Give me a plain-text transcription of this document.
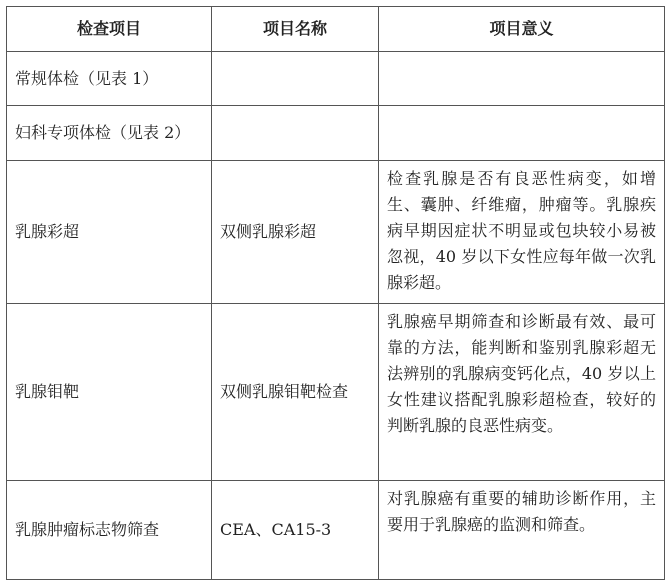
检查项目	项目名称	项目意义
常规体检（见表 1）		
妇科专项体检（见表 2）		
乳腺彩超	双侧乳腺彩超	检查乳腺是否有良恶性病变，如增生、囊肿、纤维瘤，肿瘤等。乳腺疾病早期因症状不明显或包块较小易被忽视，40 岁以下女性应每年做一次乳腺彩超。
乳腺钼靶	双侧乳腺钼靶检查	乳腺癌早期筛查和诊断最有效、最可靠的方法，能判断和鉴别乳腺彩超无法辨别的乳腺病变钙化点，40 岁以上女性建议搭配乳腺彩超检查，较好的判断乳腺的良恶性病变。
乳腺肿瘤标志物筛查	CEA、CA15-3	对乳腺癌有重要的辅助诊断作用，主要用于乳腺癌的监测和筛查。
